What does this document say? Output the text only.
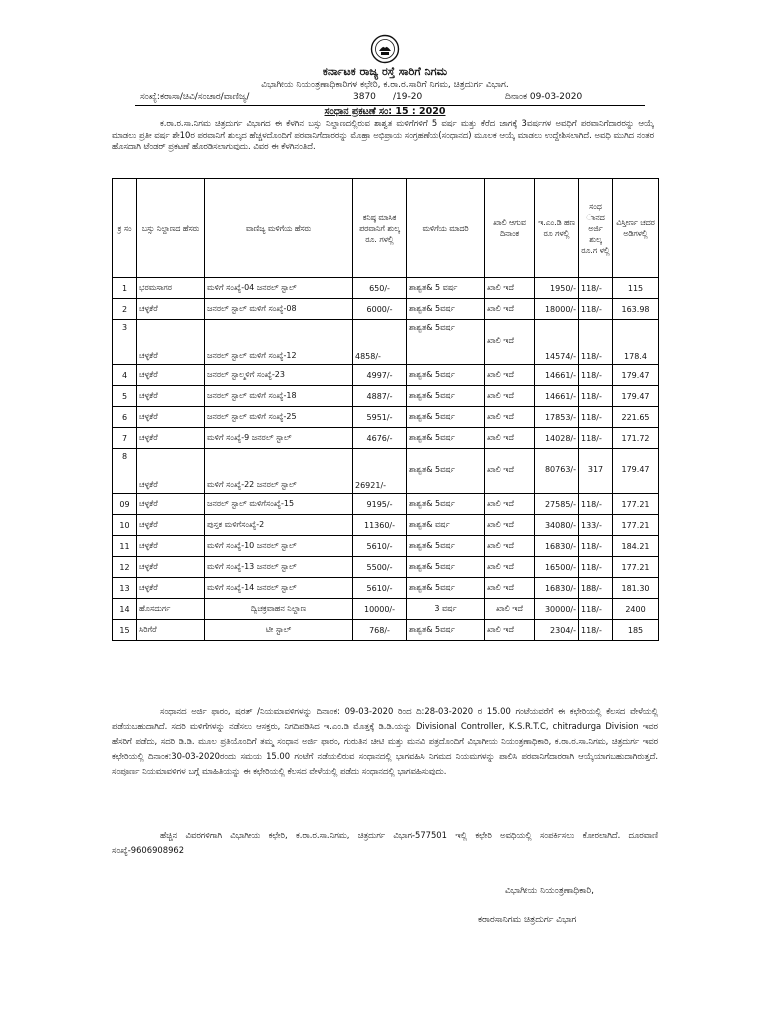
ಕರ್ನಾಟಕ ರಾಜ್ಯ ರಸ್ತೆ ಸಾರಿಗೆ ನಿಗಮ
ವಿಭಾಗೀಯ ನಿಯಂತ್ರಣಾಧಿಕಾರಿಗಳ ಕಛೇರಿ, ಕ.ರಾ.ರ.ಸಾರಿಗೆ ನಿಗಮ, ಚಿತ್ರದುರ್ಗ ವಿಭಾಗ.
ಸಂಖ್ಯೆ:ಕರಾಸಾ/ಚಿವಿ/ಸಂಚಾರ/ವಾಣಿಜ್ಯ/	3870 /19-20	ದಿನಾಂಕ 09-03-2020
ಸಂಧಾನ ಪ್ರಕಟಣೆ ಸಂ: 15 : 2020

ಕ.ರಾ.ರ.ಸಾ.ನಿಗಮ ಚಿತ್ರದುರ್ಗ ವಿಭಾಗದ ಈ ಕೆಳಗಿನ ಬಸ್ಸು ನಿಲ್ದಾಣದಲ್ಲಿರುವ ಶಾಶ್ವತ ಮಳಿಗೆಗಳಿಗೆ 5 ವರ್ಷ ಮತ್ತು ಕೆರೆದ ಜಾಗಕ್ಕೆ 3ವರ್ಷಗಳ ಅವಧಿಗೆ ಪರವಾನಿಗೆದಾರರನ್ನು ಆಯ್ಕೆ ಮಾಡಲು ಪ್ರತೀ ವರ್ಷ ಶೇ10ರ ಪರವಾನಿಗೆ ಶುಲ್ಕದ ಹೆಚ್ಚಳದೊಂದಿಗೆ ಪರವಾನಿಗೆದಾರರನ್ನು ಮೊಹ್ರಾ ಅಭಿಪ್ರಾಯ ಸಂಗ್ರಹಣೆಯ(ಸಂಧಾನದ) ಮೂಲಕ ಆಯ್ಕೆ ಮಾಡಲು ಉದ್ದೇಶಿಸಲಾಗಿದೆ. ಅವಧಿ ಮುಗಿದ ನಂತರ ಹೊಸದಾಗಿ ಟೆಂಡರ್ ಪ್ರಕಟಣೆ ಹೊರಡಿಸಲಾಗುವುದು. ವಿವರ ಈ ಕೆಳಗಿನಂತಿದೆ.

ಕ್ರ ಸಂ	ಬಸ್ಸು ನಿಲ್ದಾಣದ ಹೆಸರು	ವಾಣಿಜ್ಯ ಮಳಿಗೆಯ ಹೆಸರು	ಕನಿಷ್ಠ ಮಾಸಿಕ ಪರವಾನಿಗೆ ಶುಲ್ಕ ರೂ. ಗಳಲ್ಲಿ	ಮಳಿಗೆಯ ಮಾದರಿ	ಖಾಲಿ ಆಗುವ ದಿನಾಂಕ	ಇ.ಎಂ.ಡಿ ಹಣ ರೂ ಗಳಲ್ಲಿ	ಸಂಧ ಾನದ ಅರ್ಜಿ ಶುಲ್ಕ ರೂ.ಗ ಳಲ್ಲಿ	ವಿಸ್ತೀರ್ಣ ಚದರ ಅಡಿಗಳಲ್ಲಿ
1	ಭರಮಸಾಗರ	ಮಳಿಗೆ ಸಂಖ್ಯೆ-04 ಜನರಲ್ ಸ್ಟಾಲ್	650/-	ಶಾಶ್ವತ& 5 ವರ್ಷ	ಖಾಲಿ ಇದೆ	1950/-	118/-	115
2	ಚಳ್ಳಕೆರೆ	ಜನರಲ್ ಸ್ಟಾಲ್ ಮಳಿಗೆ ಸಂಖ್ಯೆ-08	6000/-	ಶಾಶ್ವತ& 5ವರ್ಷ	ಖಾಲಿ ಇದೆ	18000/-	118/-	163.98
3	ಚಳ್ಳಕೆರೆ	ಜನರಲ್ ಸ್ಟಾಲ್ ಮಳಿಗೆ ಸಂಖ್ಯೆ-12	4858/-	ಶಾಶ್ವತ& 5ವರ್ಷ	ಖಾಲಿ ಇದೆ	14574/-	118/-	178.4
4	ಚಳ್ಳಕೆರೆ	ಜನರಲ್ ಸ್ಟಾಲ್ಮಳಿಗೆ ಸಂಖ್ಯೆ-23	4997/-	ಶಾಶ್ವತ& 5ವರ್ಷ	ಖಾಲಿ ಇದೆ	14661/-	118/-	179.47
5	ಚಳ್ಳಕೆರೆ	ಜನರಲ್ ಸ್ಟಾಲ್ ಮಳಿಗೆ ಸಂಖ್ಯೆ-18	4887/-	ಶಾಶ್ವತ& 5ವರ್ಷ	ಖಾಲಿ ಇದೆ	14661/-	118/-	179.47
6	ಚಳ್ಳಕೆರೆ	ಜನರಲ್ ಸ್ಟಾಲ್ ಮಳಿಗೆ ಸಂಖ್ಯೆ-25	5951/-	ಶಾಶ್ವತ& 5ವರ್ಷ	ಖಾಲಿ ಇದೆ	17853/-	118/-	221.65
7	ಚಳ್ಳಕೆರೆ	ಮಳಿಗೆ ಸಂಖ್ಯೆ-9 ಜನರಲ್ ಸ್ಟಾಲ್	4676/-	ಶಾಶ್ವತ& 5ವರ್ಷ	ಖಾಲಿ ಇದೆ	14028/-	118/-	171.72
8	ಚಳ್ಳಕೆರೆ	ಮಳಿಗೆ ಸಂಖ್ಯೆ-22 ಜನರಲ್ ಸ್ಟಾಲ್	26921/-	ಶಾಶ್ವತ& 5ವರ್ಷ	ಖಾಲಿ ಇದೆ	80763/-	317	179.47
09	ಚಳ್ಳಕೆರೆ	ಜನರಲ್ ಸ್ಟಾಲ್ ಮಳಿಗೆಸಂಖ್ಯೆ-15	9195/-	ಶಾಶ್ವತ& 5ವರ್ಷ	ಖಾಲಿ ಇದೆ	27585/-	118/-	177.21
10	ಚಳ್ಳಕೆರೆ	ಪುಸ್ತಕ ಮಳಿಗೆಸಂಖ್ಯೆ-2	11360/-	ಶಾಶ್ವತ& ವರ್ಷ	ಖಾಲಿ ಇದೆ	34080/-	133/-	177.21
11	ಚಳ್ಳಕೆರೆ	ಮಳಿಗೆ ಸಂಖ್ಯೆ-10 ಜನರಲ್ ಸ್ಟಾಲ್	5610/-	ಶಾಶ್ವತ& 5ವರ್ಷ	ಖಾಲಿ ಇದೆ	16830/-	118/-	184.21
12	ಚಳ್ಳಕೆರೆ	ಮಳಿಗೆ ಸಂಖ್ಯೆ-13 ಜನರಲ್ ಸ್ಟಾಲ್	5500/-	ಶಾಶ್ವತ& 5ವರ್ಷ	ಖಾಲಿ ಇದೆ	16500/-	118/-	177.21
13	ಚಳ್ಳಕೆರೆ	ಮಳಿಗೆ ಸಂಖ್ಯೆ-14 ಜನರಲ್ ಸ್ಟಾಲ್	5610/-	ಶಾಶ್ವತ& 5ವರ್ಷ	ಖಾಲಿ ಇದೆ	16830/-	188/-	181.30
14	ಹೊಸದುರ್ಗ	ದ್ವಿಚಕ್ರವಾಹನ ನಿಲ್ದಾಣ	10000/-	3 ವರ್ಷ	ಖಾಲಿ ಇದೆ	30000/-	118/-	2400
15	ಸಿರಿಗೆರೆ	ಟೀ ಸ್ಟಾಲ್	768/-	ಶಾಶ್ವತ& 5ವರ್ಷ	ಖಾಲಿ ಇದೆ	2304/-	118/-	185

ಸಂಧಾನದ ಅರ್ಜಿ ಫಾರಂ, ಷರತ್ /ನಿಯಮಾವಳಿಗಳನ್ನು ದಿನಾಂಕ: 09-03-2020 ರಿಂದ ದಿ:28-03-2020 ರ 15.00 ಗಂಟೆಯವರೆಗೆ ಈ ಕಛೇರಿಯಲ್ಲಿ ಕೆಲಸದ ವೇಳೆಯಲ್ಲಿ ಪಡೆಯಬಹುದಾಗಿದೆ. ಸದರಿ ಮಳಿಗೆಗಳನ್ನು ನಡೆಸಲು ಆಸಕ್ತರು, ನಿಗದಿಪಡಿಸಿದ ಇ.ಎಂ.ಡಿ ಮೊತ್ತಕ್ಕೆ ಡಿ.ಡಿ.ಯನ್ನು Divisional Controller, K.S.R.T.C, chitradurga Division ಇವರ ಹೆಸರಿಗೆ ಪಡೆದು, ಸದರಿ ಡಿ.ಡಿ. ಮೂಲ ಪ್ರತಿಯೊಂದಿಗೆ ತಮ್ಮ ಸಂಧಾನ ಅರ್ಜಿ ಫಾರಂ, ಗುರುತಿನ ಚೀಟಿ ಮತ್ತು ಮನವಿ ಪತ್ರದೊಂದಿಗೆ ವಿಭಾಗೀಯ ನಿಯಂತ್ರಣಾಧಿಕಾರಿ, ಕ.ರಾ.ರ.ಸಾ.ನಿಗಮ, ಚಿತ್ರದುರ್ಗ ಇವರ ಕಛೇರಿಯಲ್ಲಿ ದಿನಾಂಕ:30-03-2020ರಂದು ಸಮಯ 15.00 ಗಂಟೆಗೆ ನಡೆಯಲಿರುವ ಸಂಧಾನದಲ್ಲಿ ಭಾಗವಹಿಸಿ ನಿಗಮದ ನಿಯಮಗಳನ್ನು ಪಾಲಿಸಿ ಪರವಾನಿಗೆದಾರರಾಗಿ ಆಯ್ಕೆಯಾಗಬಹುದಾಗಿರುತ್ತದೆ. ಸಂಪೂರ್ಣ ನಿಯಮಾವಳಿಗಳ ಬಗ್ಗೆ ಮಾಹಿತಿಯನ್ನು ಈ ಕಛೇರಿಯಲ್ಲಿ ಕೆಲಸದ ವೇಳೆಯಲ್ಲಿ ಪಡೆದು ಸಂಧಾನದಲ್ಲಿ ಭಾಗವಹಿಸುವುದು.

ಹೆಚ್ಚಿನ ವಿವರಗಳಿಗಾಗಿ ವಿಭಾಗೀಯ ಕಛೇರಿ, ಕ.ರಾ.ರ.ಸಾ.ನಿಗಮ, ಚಿತ್ರದುರ್ಗ ವಿಭಾಗ-577501 ಇಲ್ಲಿ ಕಛೇರಿ ಅವಧಿಯಲ್ಲಿ ಸಂಪರ್ಕಿಸಲು ಕೋರಲಾಗಿದೆ. ದೂರವಾಣಿ ಸಂಖ್ಯೆ-9606908962

ವಿಭಾಗೀಯ ನಿಯಂತ್ರಣಾಧಿಕಾರಿ,
ಕರಾರಸಾನಿಗಮ ಚಿತ್ರದುರ್ಗ ವಿಭಾಗ
